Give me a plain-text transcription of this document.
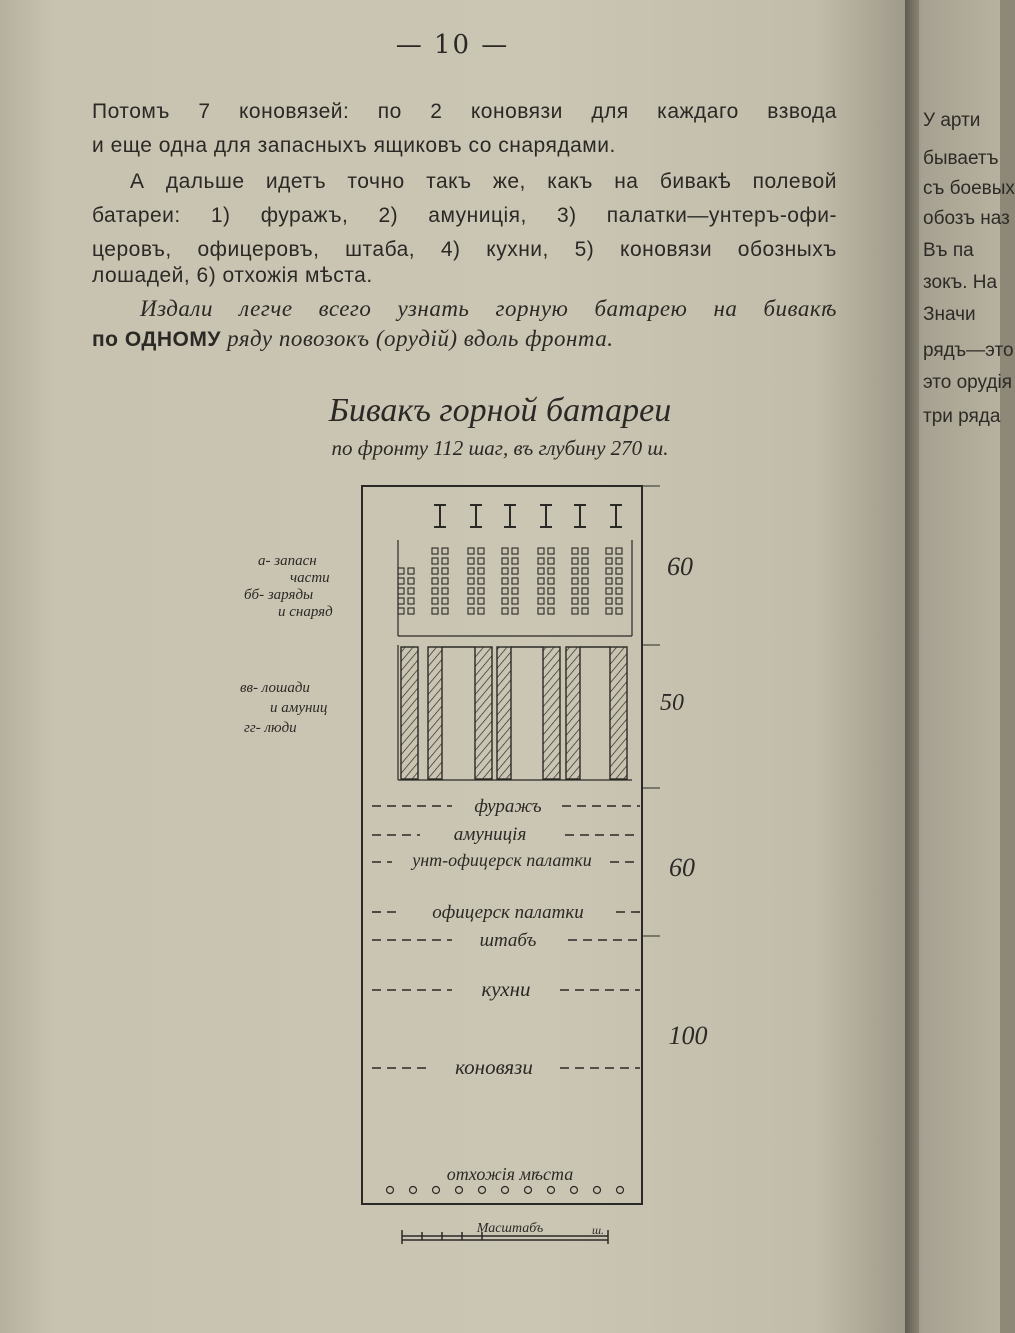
— 10 —
Потомъ 7 коновязей: по 2 коновязи для каждаго взвода
и еще одна для запасныхъ ящиковъ со снарядами.
А дальше идетъ точно такъ же, какъ на бивакѣ полевой
батареи: 1) фуражъ, 2) амуниція, 3) палатки—унтеръ-офи-
церовъ, офицеровъ, штаба, 4) кухни, 5) коновязи обозныхъ
лошадей, 6) отхожія мѣста.
Издали легче всего узнать горную батарею на бивакѣ
по ОДНОМУ ряду повозокъ (орудій) вдоль фронта.
Бивакъ горной батареи
по фронту 112 шаг, въ глубину 270 ш.
фуражъ
амуниція
унт-офицерск палатки
офицерск палатки
штабъ
кухни
коновязи
отхожія мѣста
Масштабъ	ш.
60
50
60
100
а- запасн
части
бб- заряды
и снаряд
вв- лошади
и амуниц
гг- люди
У арти
бываетъ
съ боевых
обозъ наз
Въ па
зокъ. На
Значи
рядъ—это
это орудія
три ряда
